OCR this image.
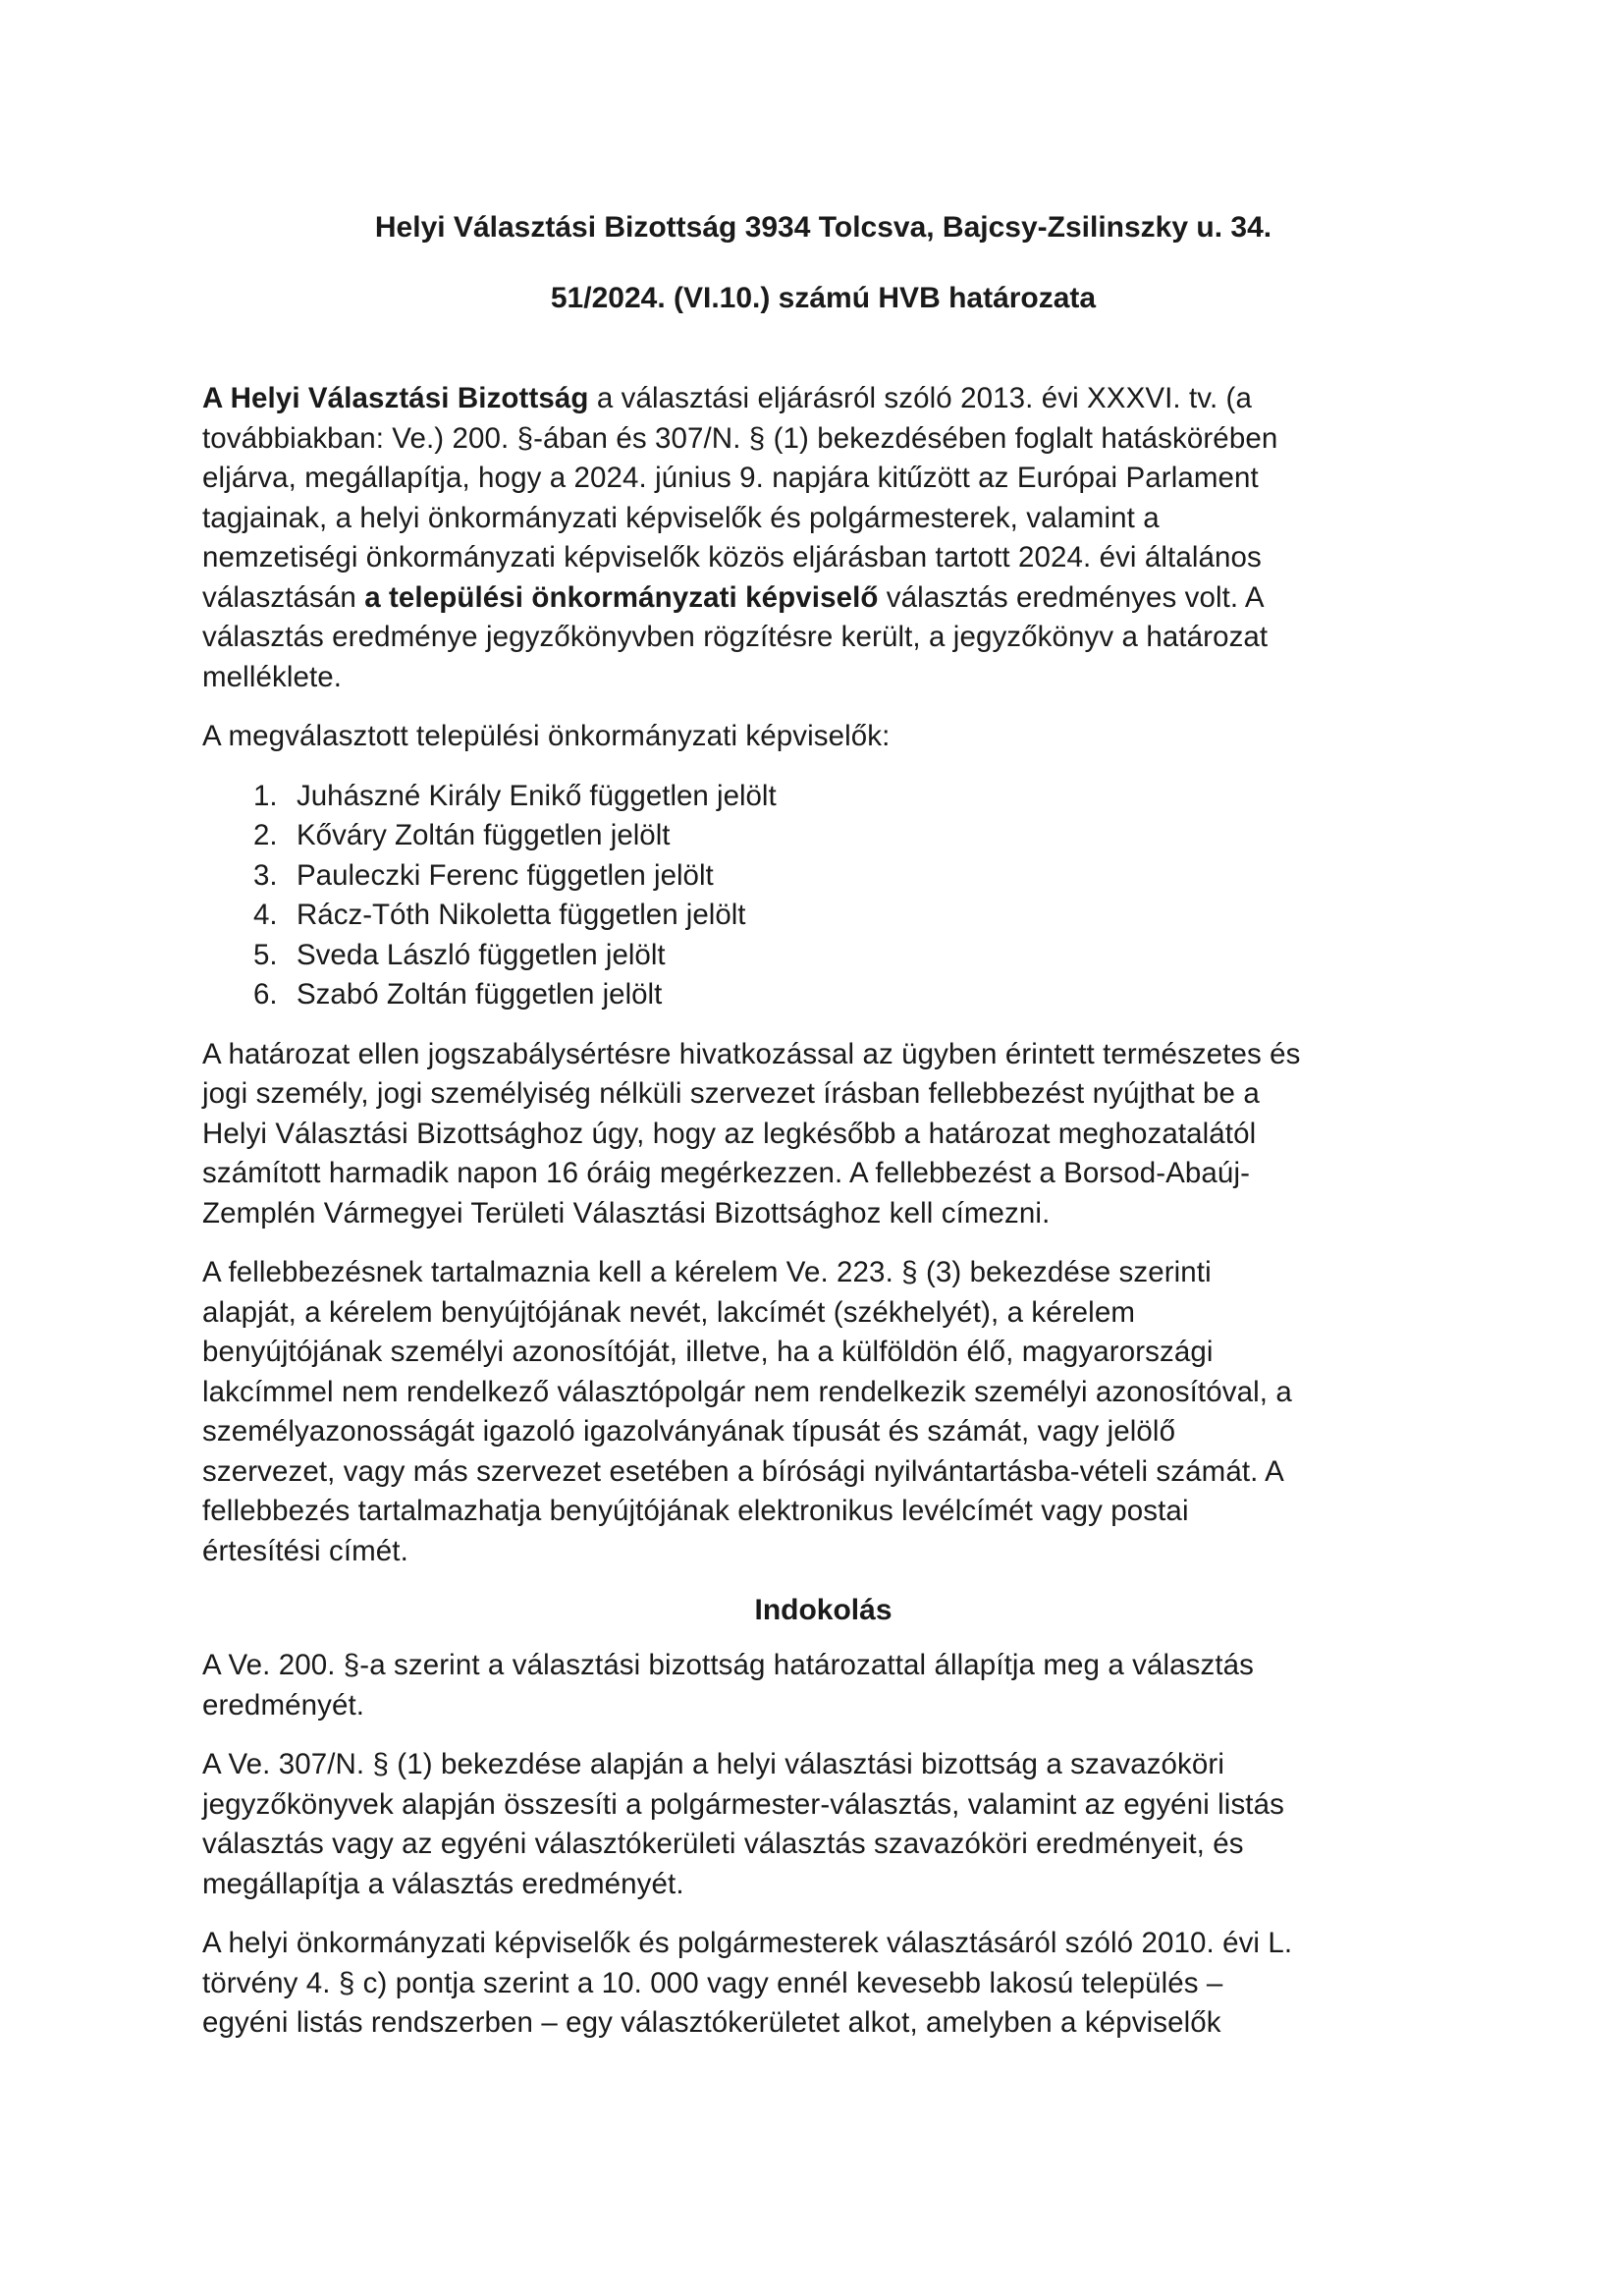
Helyi Választási Bizottság 3934 Tolcsva, Bajcsy-Zsilinszky u. 34.

51/2024. (VI.10.) számú HVB határozata

A Helyi Választási Bizottság a választási eljárásról szóló 2013. évi XXXVI. tv. (a
továbbiakban: Ve.) 200. §-ában és 307/N. § (1) bekezdésében foglalt hatáskörében
eljárva, megállapítja, hogy a 2024. június 9. napjára kitűzött az Európai Parlament
tagjainak, a helyi önkormányzati képviselők és polgármesterek, valamint a
nemzetiségi önkormányzati képviselők közös eljárásban tartott 2024. évi általános
választásán a települési önkormányzati képviselő választás eredményes volt. A
választás eredménye jegyzőkönyvben rögzítésre került, a jegyzőkönyv a határozat
melléklete.

A megválasztott települési önkormányzati képviselők:

1. Juhászné Király Enikő független jelölt
2. Kőváry Zoltán független jelölt
3. Pauleczki Ferenc független jelölt
4. Rácz-Tóth Nikoletta független jelölt
5. Sveda László független jelölt
6. Szabó Zoltán független jelölt

A határozat ellen jogszabálysértésre hivatkozással az ügyben érintett természetes és
jogi személy, jogi személyiség nélküli szervezet írásban fellebbezést nyújthat be a
Helyi Választási Bizottsághoz úgy, hogy az legkésőbb a határozat meghozatalától
számított harmadik napon 16 óráig megérkezzen. A fellebbezést a Borsod-Abaúj-
Zemplén Vármegyei Területi Választási Bizottsághoz kell címezni.

A fellebbezésnek tartalmaznia kell a kérelem Ve. 223. § (3) bekezdése szerinti
alapját, a kérelem benyújtójának nevét, lakcímét (székhelyét), a kérelem
benyújtójának személyi azonosítóját, illetve, ha a külföldön élő, magyarországi
lakcímmel nem rendelkező választópolgár nem rendelkezik személyi azonosítóval, a
személyazonosságát igazoló igazolványának típusát és számát, vagy jelölő
szervezet, vagy más szervezet esetében a bírósági nyilvántartásba-vételi számát. A
fellebbezés tartalmazhatja benyújtójának elektronikus levélcímét vagy postai
értesítési címét.

Indokolás

A Ve. 200. §-a szerint a választási bizottság határozattal állapítja meg a választás
eredményét.

A Ve. 307/N. § (1) bekezdése alapján a helyi választási bizottság a szavazóköri
jegyzőkönyvek alapján összesíti a polgármester-választás, valamint az egyéni listás
választás vagy az egyéni választókerületi választás szavazóköri eredményeit, és
megállapítja a választás eredményét.

A helyi önkormányzati képviselők és polgármesterek választásáról szóló 2010. évi L.
törvény 4. § c) pontja szerint a 10. 000 vagy ennél kevesebb lakosú település –
egyéni listás rendszerben – egy választókerületet alkot, amelyben a képviselők
